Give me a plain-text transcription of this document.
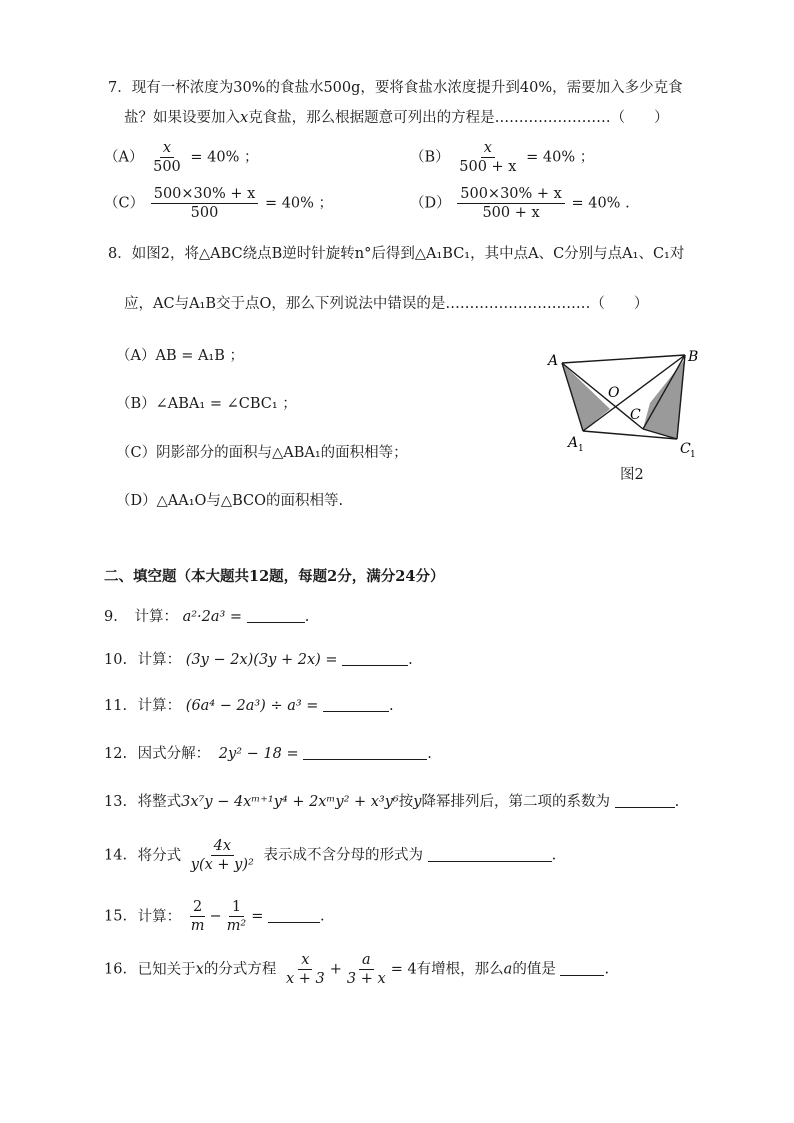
7．现有一杯浓度为30%的食盐水500g，要将食盐水浓度提升到40%，需要加入多少克食
盐？如果设要加入x克食盐，那么根据题意可列出的方程是……………………（　　）
$(A) \frac{x}{500} = 40\%$ ；	$(B) \frac{x}{500 + x} = 40\%$ ；
$(C) \frac{500\times 30\% + x}{500} = 40\%$ ；	$(D) \frac{500\times 30\% + x}{500 + x} = 40\%$ .
8．如图2，将△ABC绕点B逆时针旋转n°后得到△A₁BC₁，其中点A、C分别与点A₁、C₁对
应，AC与A₁B交于点O，那么下列说法中错误的是…………………………（　　）
（A）AB = A₁B ；
（B）∠ABA₁ = ∠CBC₁ ；
（C）阴影部分的面积与△ABA₁的面积相等；
（D）△AA₁O与△BCO的面积相等.
A	B
O
C
A 1	C 1
图2
二、填空题（本大题共12题，每题2分，满分24分）
9. 计算： a²·2a³ =	.
10. 计算： (3y − 2x)(3y + 2x) =	.
11. 计算： (6a⁴ − 2a³) ÷ a³ =	.
12. 因式分解： 2y² − 18 =	.
13. 将整式3x⁷y − 4xᵐ⁺¹y⁴ + 2xᵐy² + x³y⁶按y降幂排列后，第二项的系数为	.
14. 将分式 $\frac{4x}{\text{y(x + y)²}}$ 表示成不含分母的形式为	.
15. 计算： $\frac{2}{m} - \frac{1}{\text{m²}}$ =	.
16. 已知关于x的分式方程 $\frac{x}{x + 3} + \frac{a}{3 + x} = 4$有增根，那么a的值是	.
